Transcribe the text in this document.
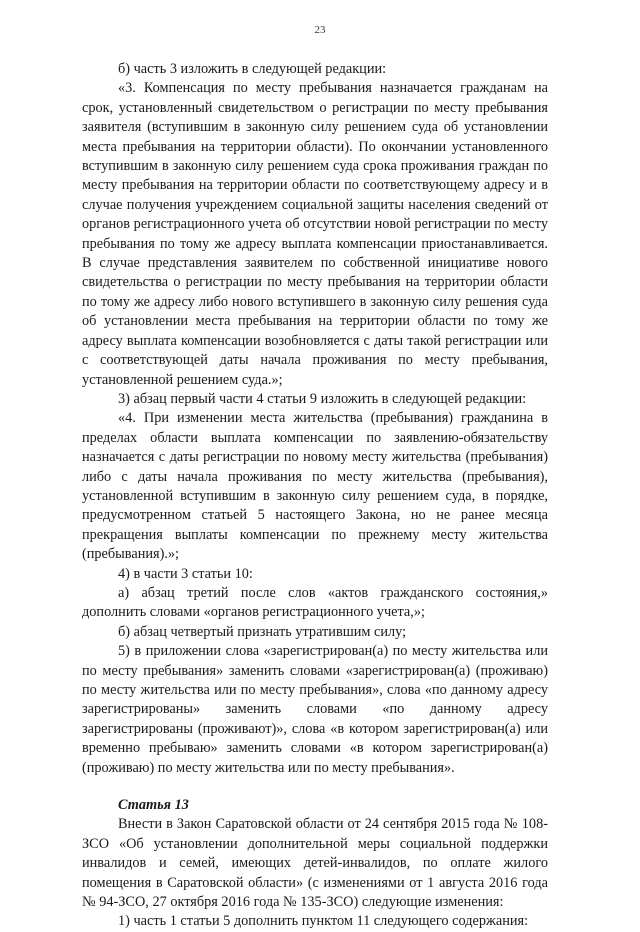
23

б) часть 3 изложить в следующей редакции:

«3. Компенсация по месту пребывания назначается гражданам на срок, установленный свидетельством о регистрации по месту пребывания заявителя (вступившим в законную силу решением суда об установлении места пребывания на территории области). По окончании установленного вступившим в законную силу решением суда срока проживания граждан по месту пребывания на территории области по соответствующему адресу и в случае получения учреждением социальной защиты населения сведений от органов регистрационного учета об отсутствии новой регистрации по месту пребывания по тому же адресу выплата компенсации приостанавливается. В случае представления заявителем по собственной инициативе нового свидетельства о регистрации по месту пребывания на территории области по тому же адресу либо нового вступившего в законную силу решения суда об установлении места пребывания на территории области по тому же адресу выплата компенсации возобновляется с даты такой регистрации или с соответствующей даты начала проживания по месту пребывания, установленной решением суда.»;

3) абзац первый части 4 статьи 9 изложить в следующей редакции:

«4. При изменении места жительства (пребывания) гражданина в пределах области выплата компенсации по заявлению-обязательству назначается с даты регистрации по новому месту жительства (пребывания) либо с даты начала проживания по месту жительства (пребывания), установленной вступившим в законную силу решением суда, в порядке, предусмотренном статьей 5 настоящего Закона, но не ранее месяца прекращения выплаты компенсации по прежнему месту жительства (пребывания).»;

4) в части 3 статьи 10:

а) абзац третий после слов «актов гражданского состояния,» дополнить словами «органов регистрационного учета,»;

б) абзац четвертый признать утратившим силу;

5) в приложении слова «зарегистрирован(а) по месту жительства или по месту пребывания» заменить словами «зарегистрирован(а) (проживаю) по месту жительства или по месту пребывания», слова «по данному адресу зарегистрированы» заменить словами «по данному адресу зарегистрированы (проживают)», слова «в котором зарегистрирован(а) или временно пребываю» заменить словами «в котором зарегистрирован(а) (проживаю) по месту жительства или по месту пребывания».

Статья 13

Внести в Закон Саратовской области от 24 сентября 2015 года № 108-ЗСО «Об установлении дополнительной меры социальной поддержки инвалидов и семей, имеющих детей-инвалидов, по оплате жилого помещения в Саратовской области» (с изменениями от 1 августа 2016 года № 94-ЗСО, 27 октября 2016 года № 135-ЗСО) следующие изменения:

1) часть 1 статьи 5 дополнить пунктом 11 следующего содержания:
